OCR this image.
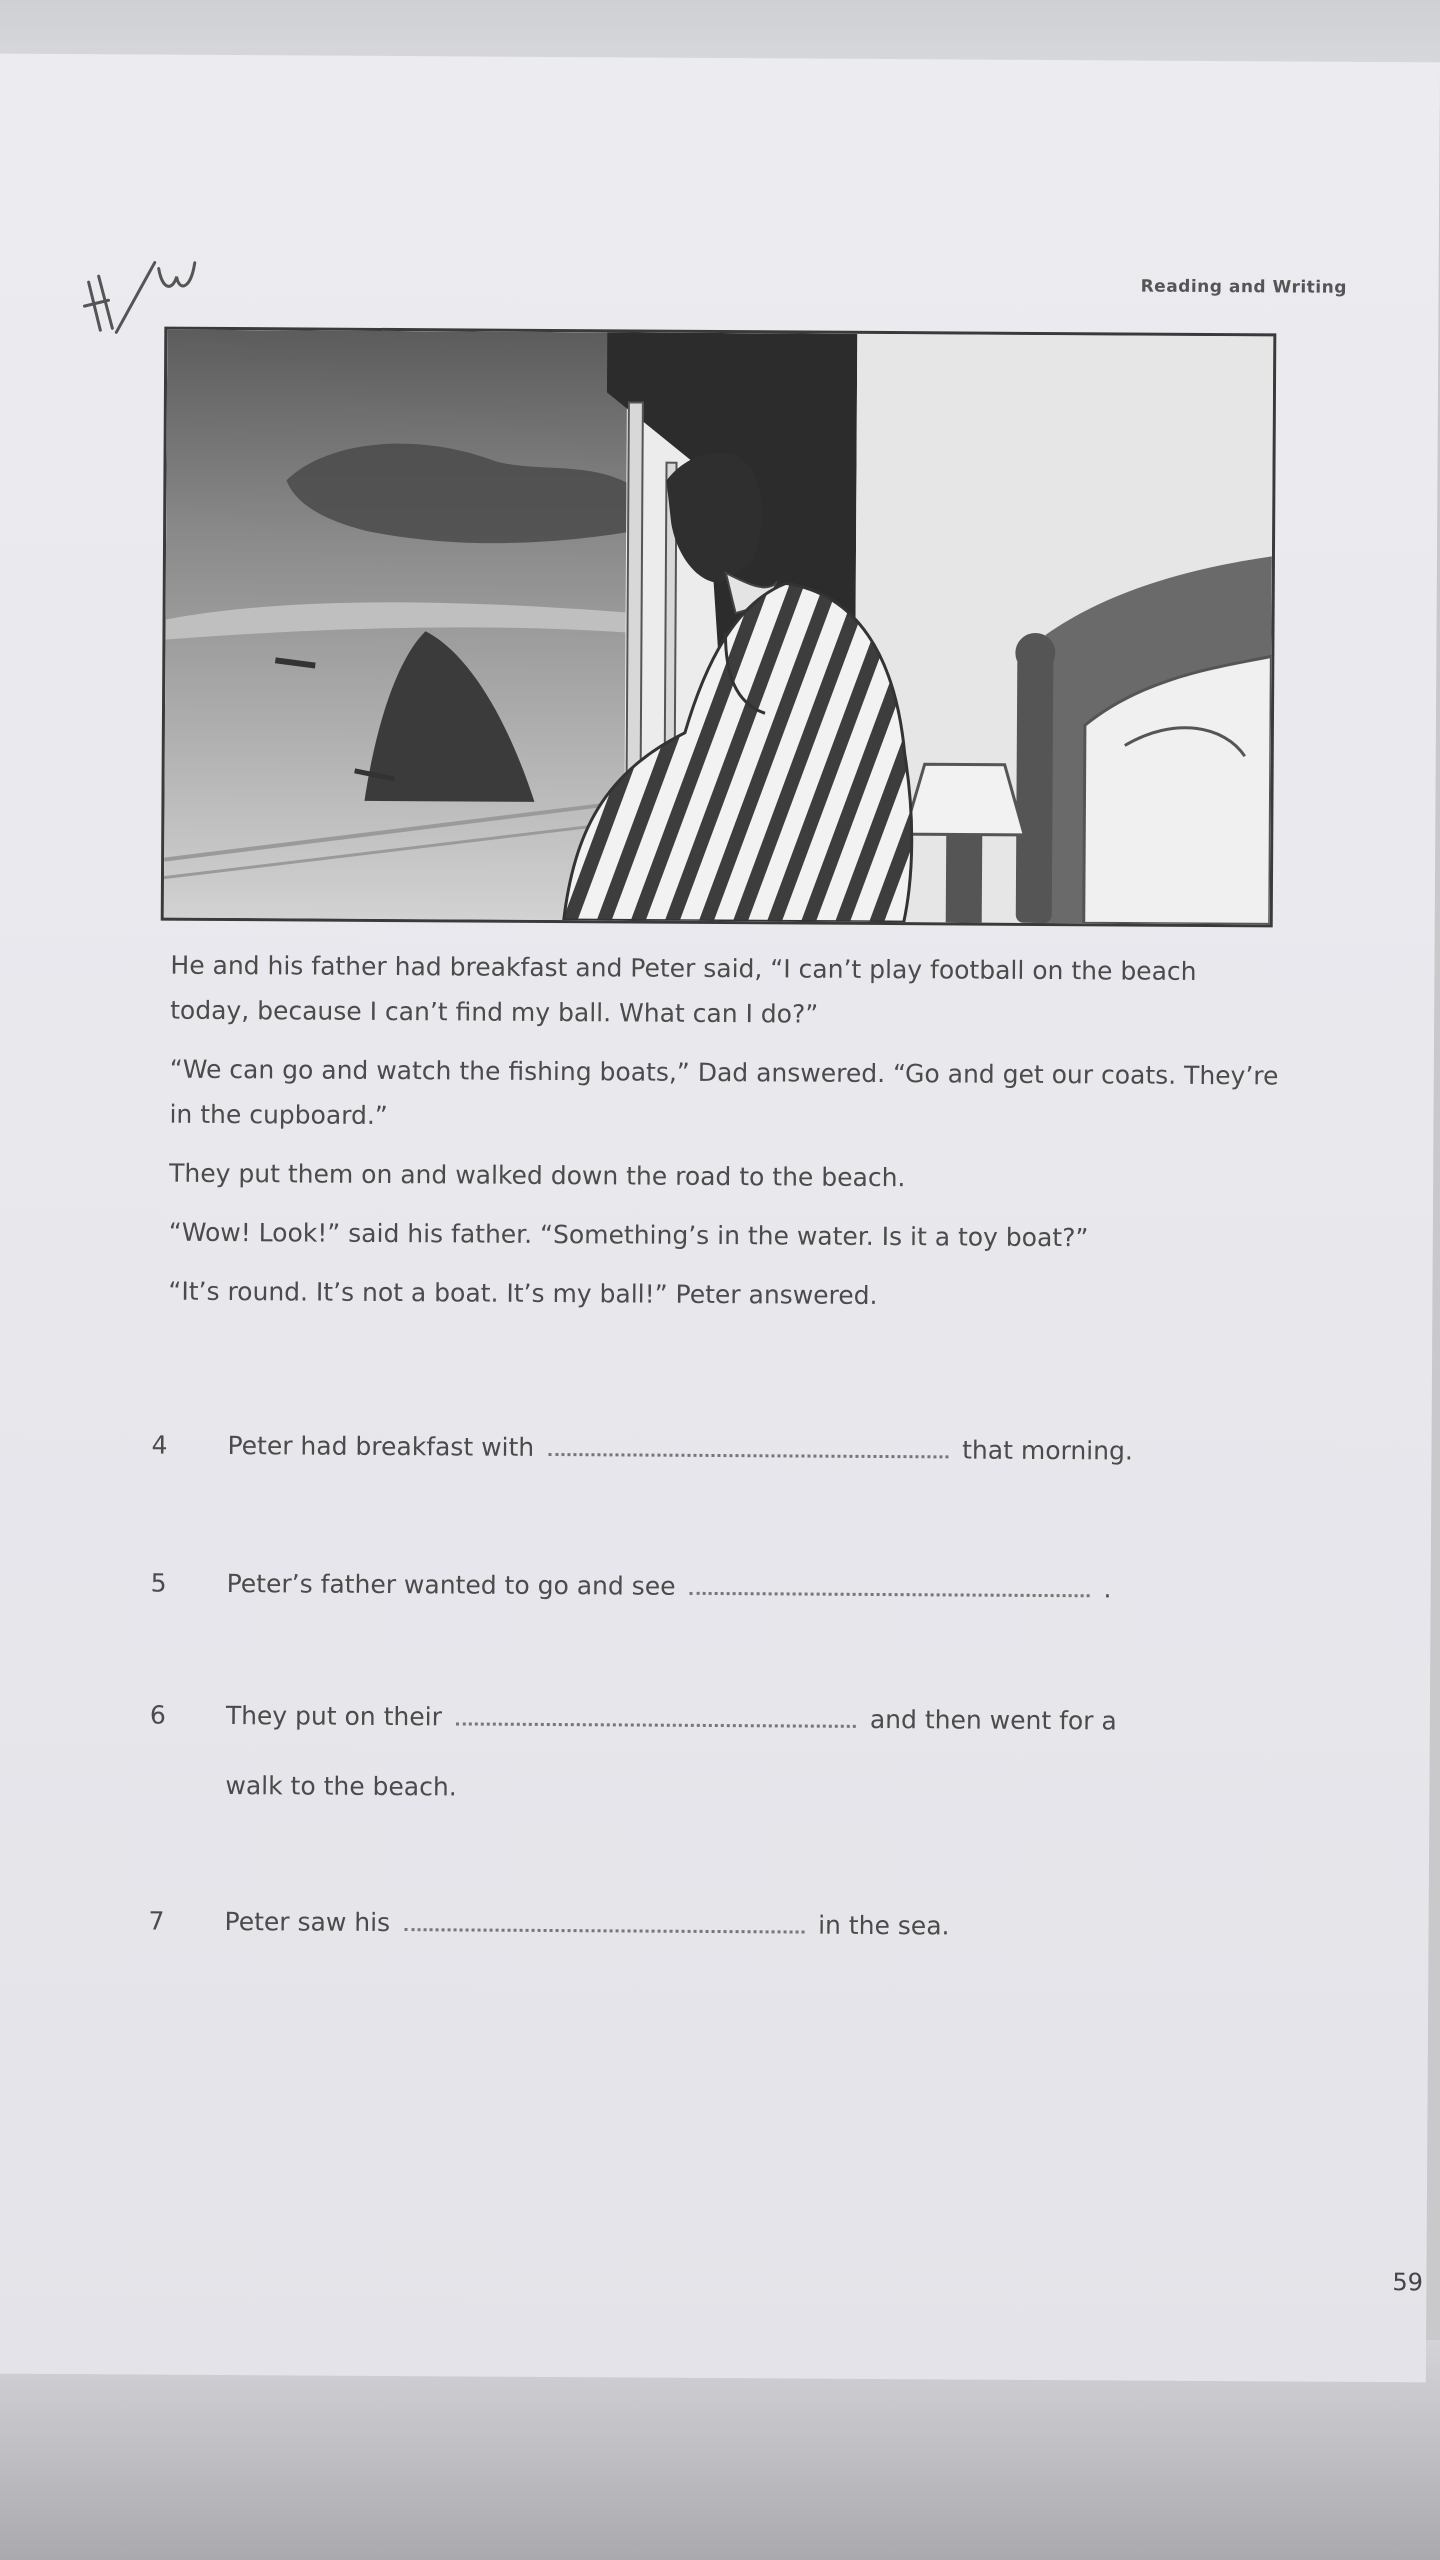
Reading and Writing

He and his father had breakfast and Peter said, “I can’t play football on the beach today, because I can’t find my ball. What can I do?”

“We can go and watch the fishing boats,” Dad answered. “Go and get our coats. They’re in the cupboard.”

They put them on and walked down the road to the beach.

“Wow! Look!” said his father. “Something’s in the water. Is it a toy boat?”

“It’s round. It’s not a boat. It’s my ball!” Peter answered.

4 Peter had breakfast with	that morning.
5 Peter’s father wanted to go and see	.
6 They put on their	and then went for a
walk to the beach.
7 Peter saw his	in the sea.
59
